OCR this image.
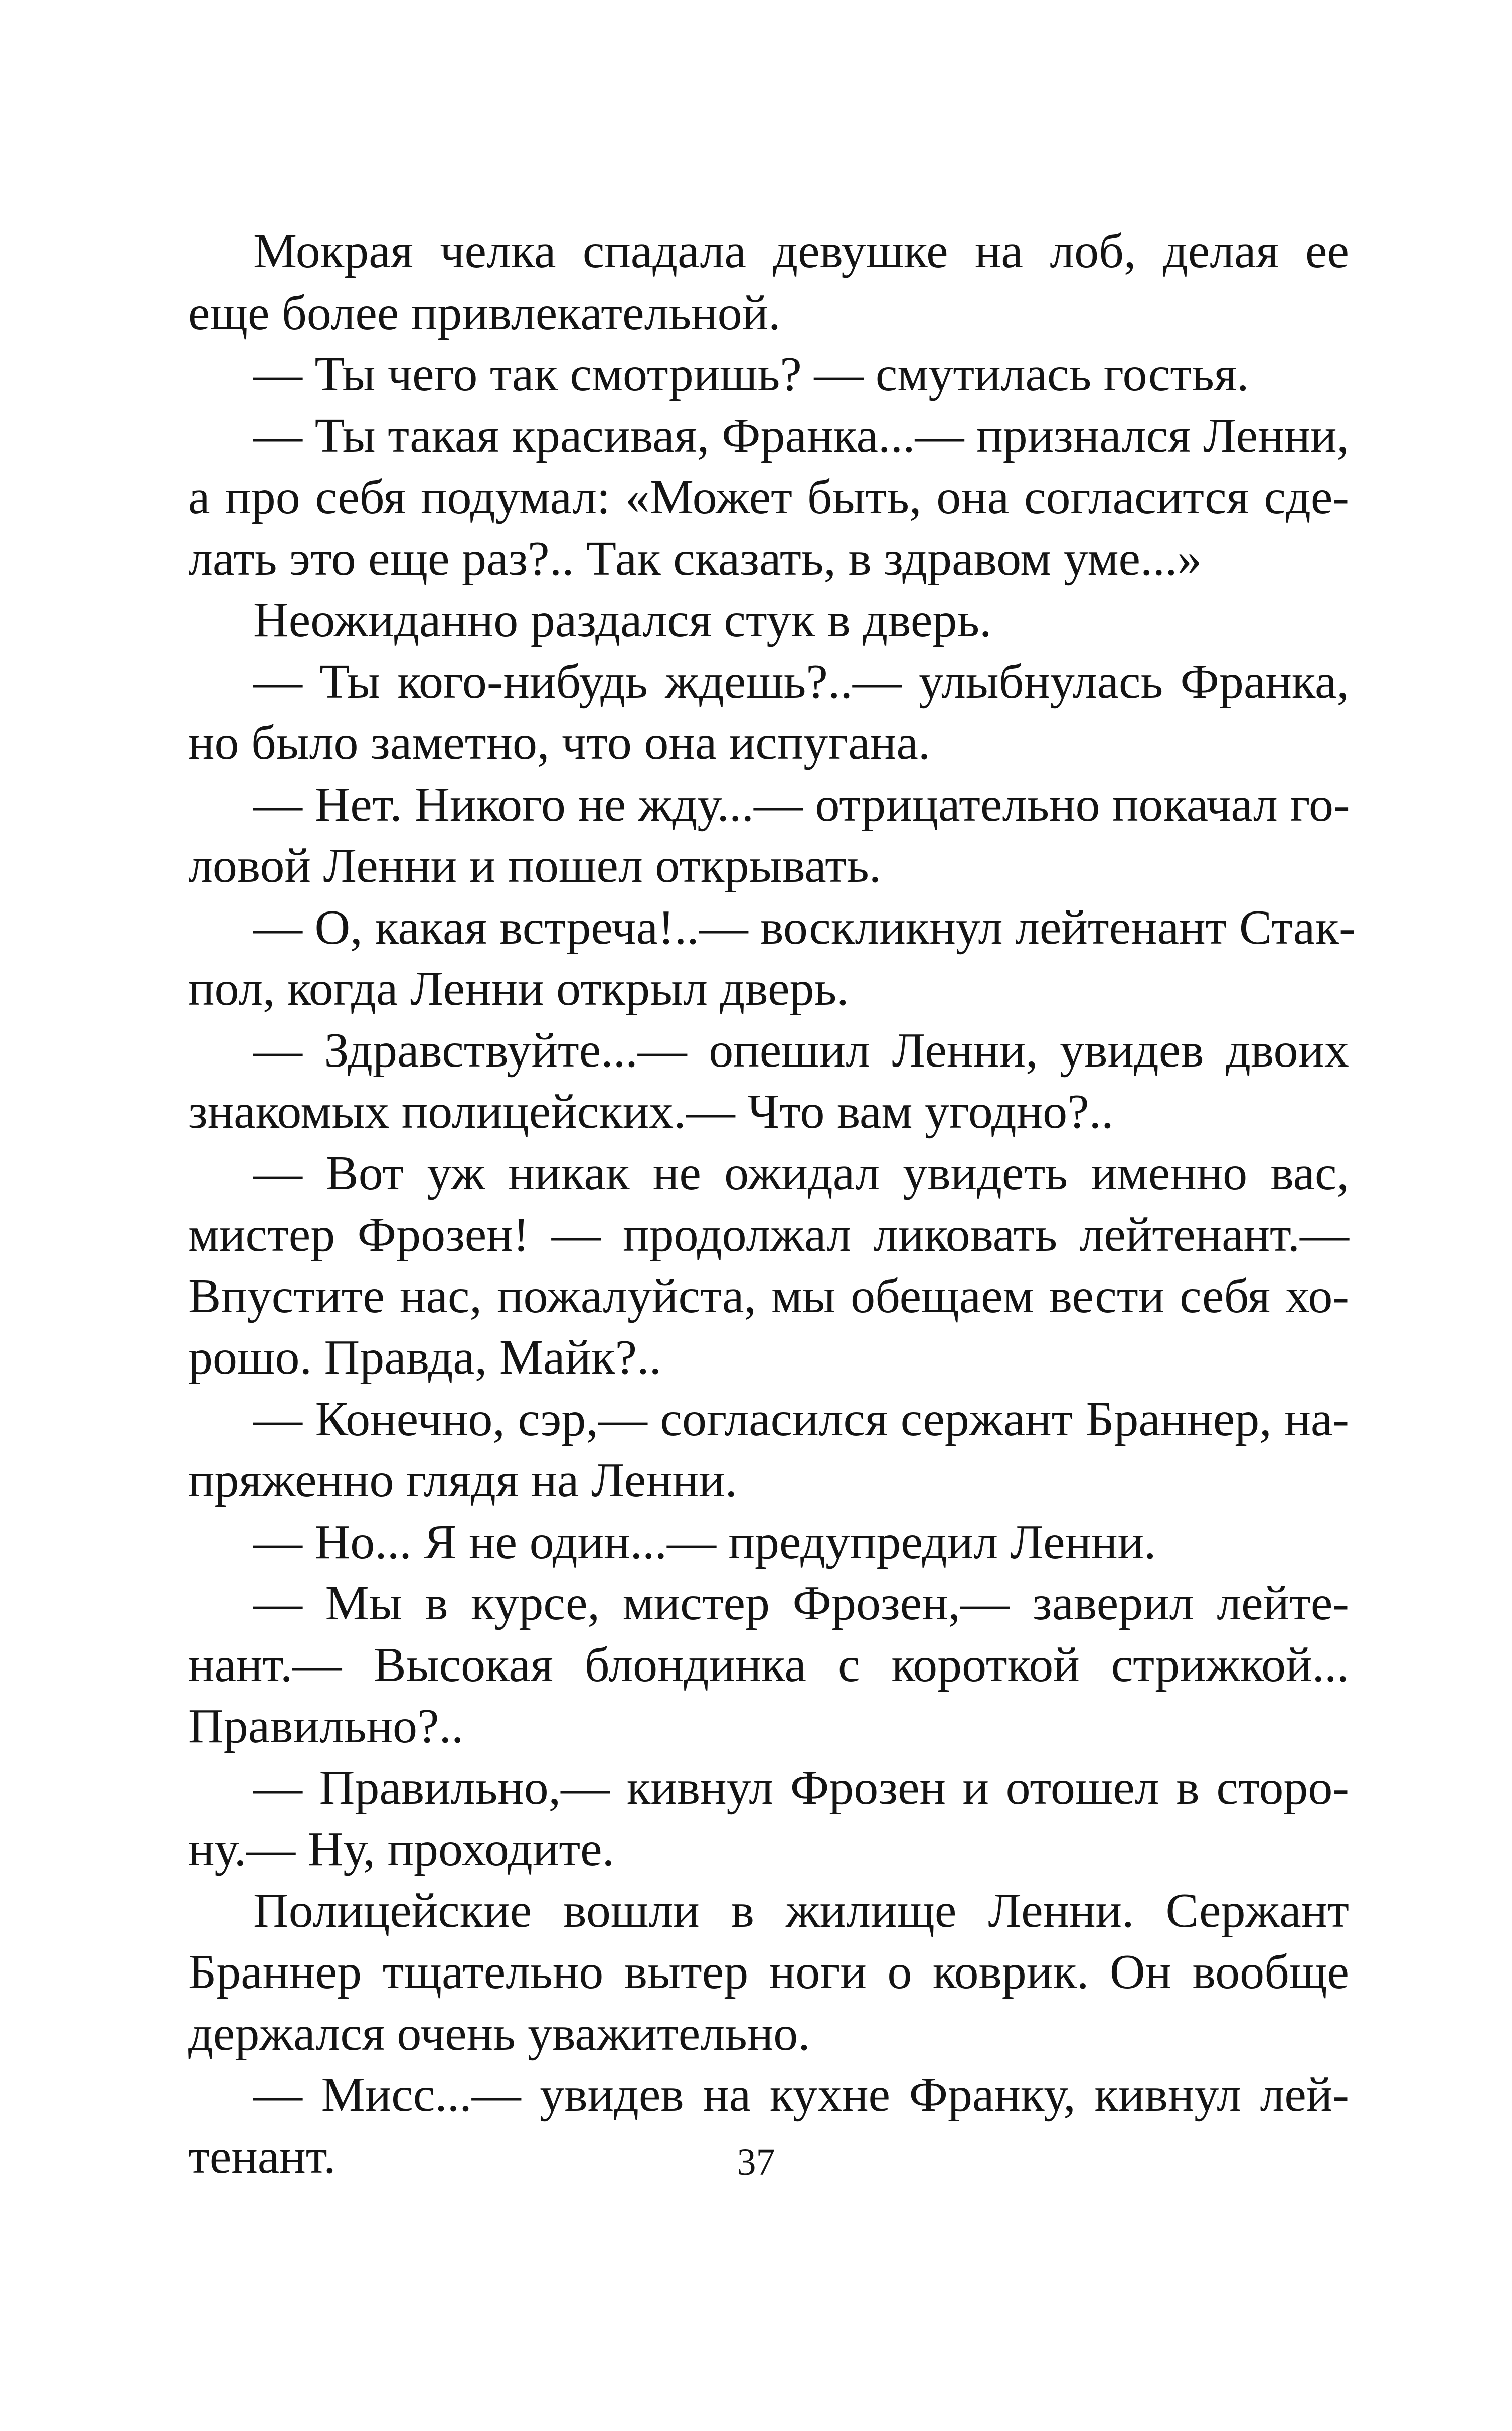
Мокрая челка спадала девушке на лоб, делая ее
еще более привлекательной.
— Ты чего так смотришь? — смутилась гостья.
— Ты такая красивая, Франка...— признался Ленни,
а про себя подумал: «Может быть, она согласится сде-
лать это еще раз?.. Так сказать, в здравом уме...»
Неожиданно раздался стук в дверь.
— Ты кого-нибудь ждешь?..— улыбнулась Франка,
но было заметно, что она испугана.
— Нет. Никого не жду...— отрицательно покачал го-
ловой Ленни и пошел открывать.
— О, какая встреча!..— воскликнул лейтенант Стак-
пол, когда Ленни открыл дверь.
— Здравствуйте...— опешил Ленни, увидев двоих
знакомых полицейских.— Что вам угодно?..
— Вот уж никак не ожидал увидеть именно вас,
мистер Фрозен! — продолжал ликовать лейтенант.—
Впустите нас, пожалуйста, мы обещаем вести себя хо-
рошо. Правда, Майк?..
— Конечно, сэр,— согласился сержант Браннер, на-
пряженно глядя на Ленни.
— Но... Я не один...— предупредил Ленни.
— Мы в курсе, мистер Фрозен,— заверил лейте-
нант.— Высокая блондинка с короткой стрижкой...
Правильно?..
— Правильно,— кивнул Фрозен и отошел в сторо-
ну.— Ну, проходите.
Полицейские вошли в жилище Ленни. Сержант
Браннер тщательно вытер ноги о коврик. Он вообще
держался очень уважительно.
— Мисс...— увидев на кухне Франку, кивнул лей-
тенант.	37
